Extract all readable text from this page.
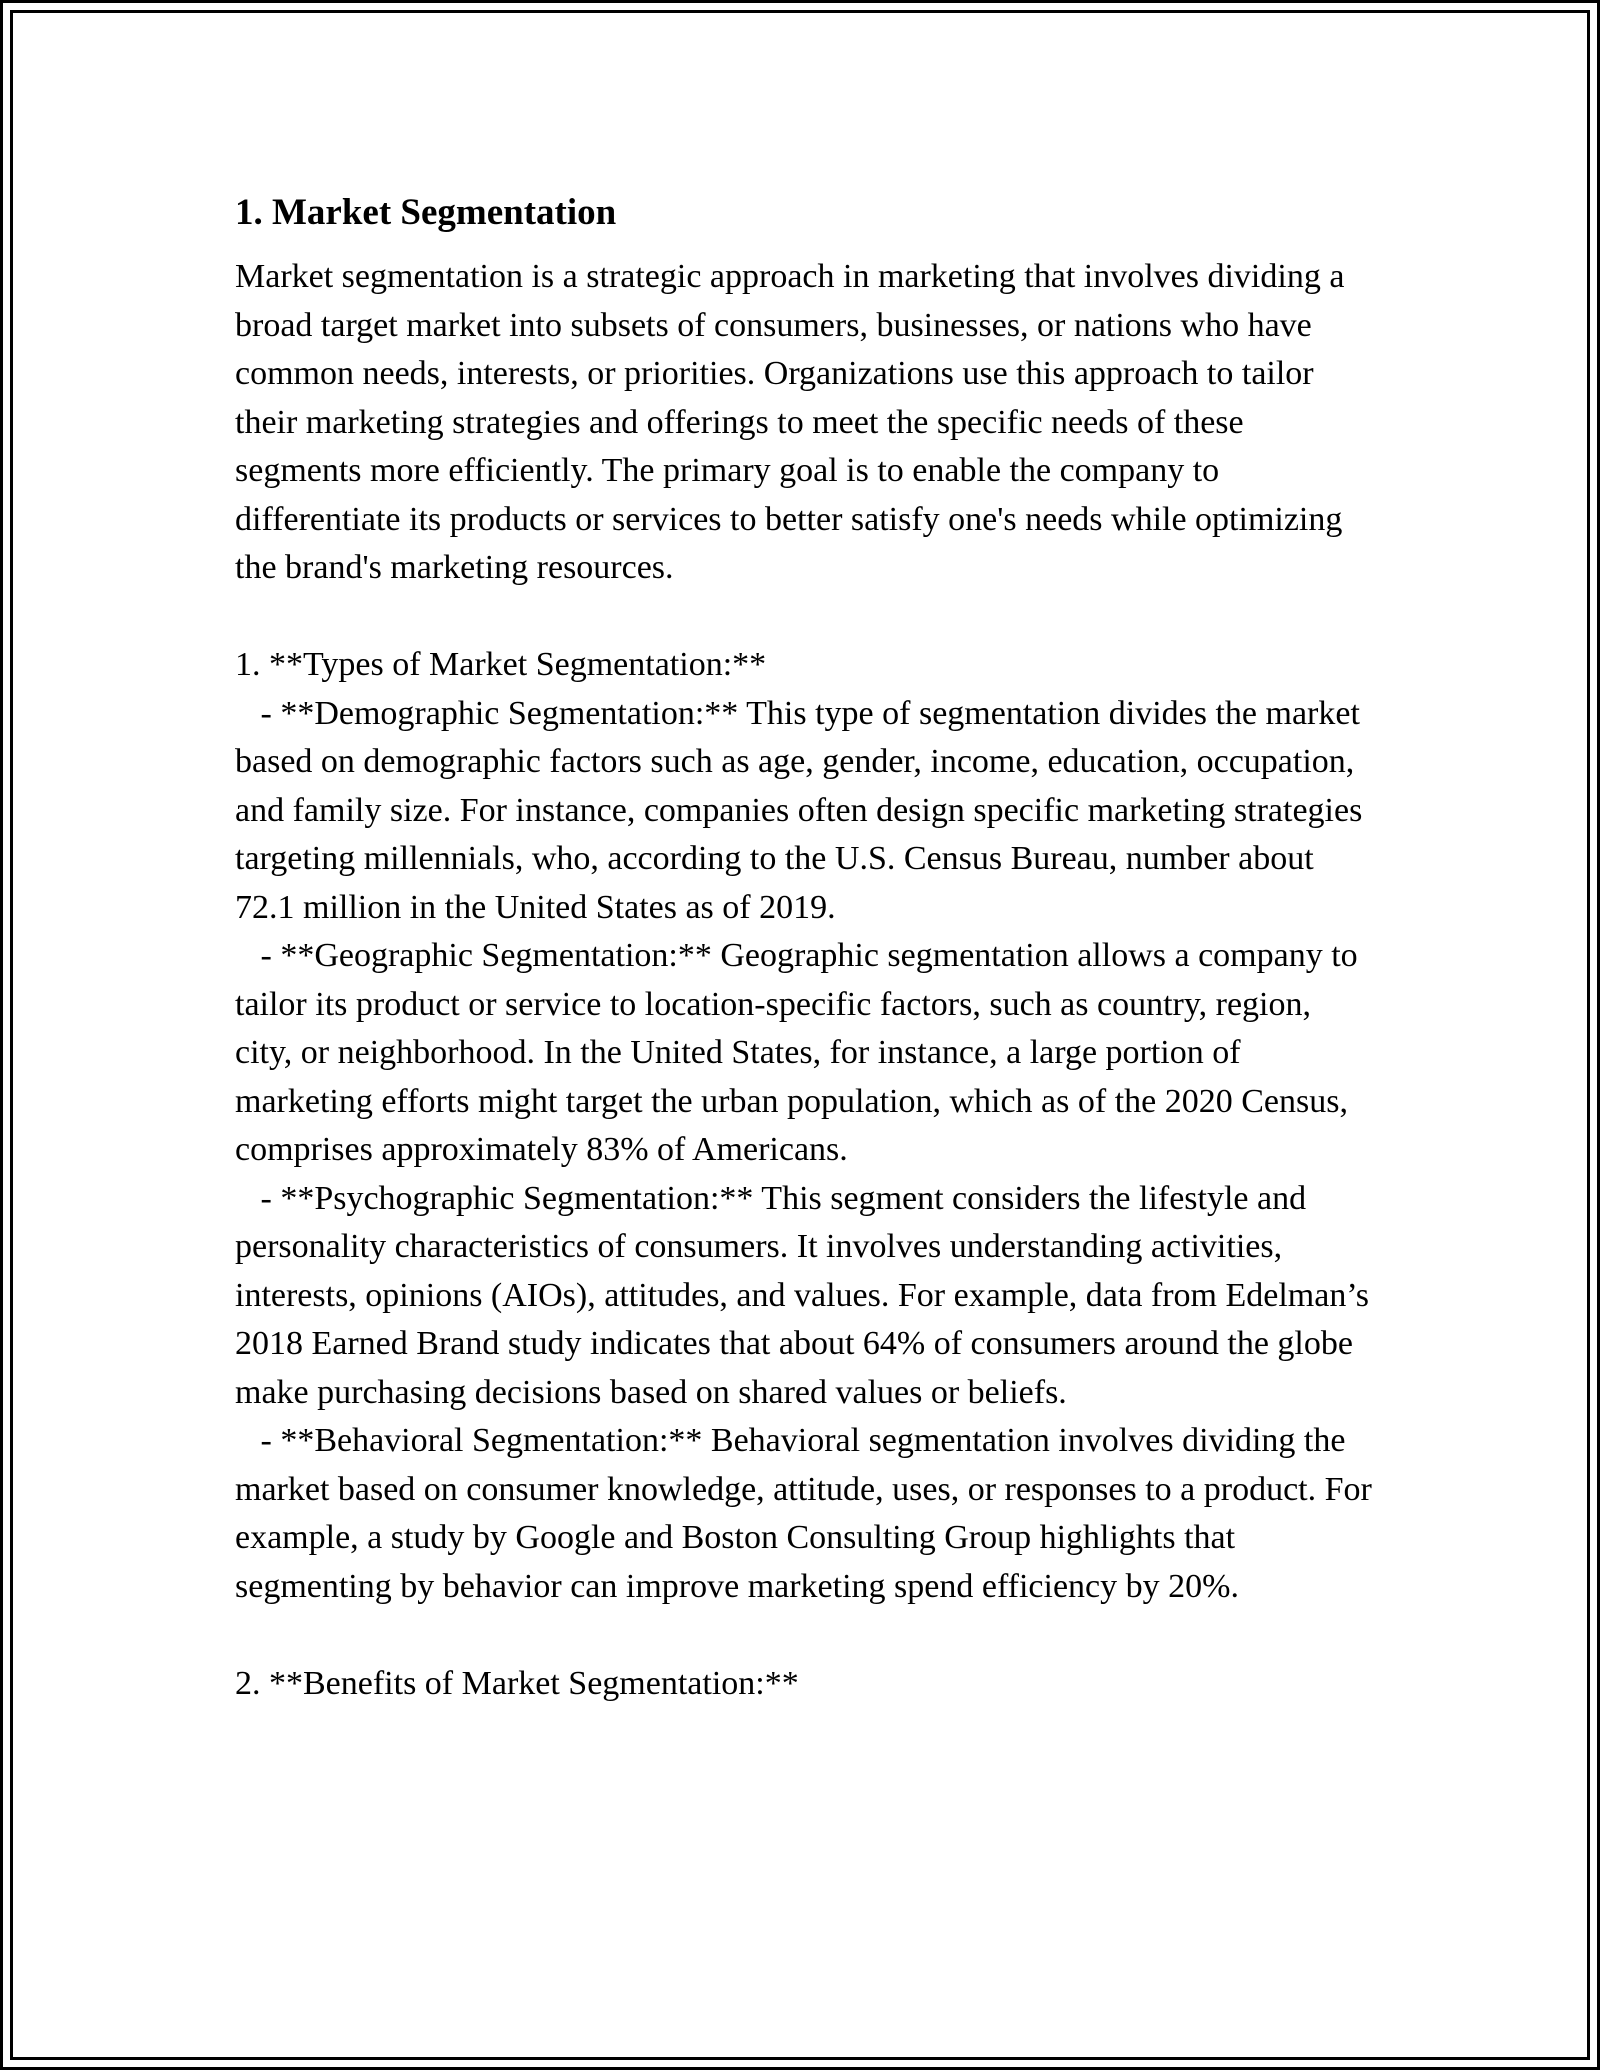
1. Market Segmentation

Market segmentation is a strategic approach in marketing that involves dividing a broad target market into subsets of consumers, businesses, or nations who have common needs, interests, or priorities. Organizations use this approach to tailor their marketing strategies and offerings to meet the specific needs of these segments more efficiently. The primary goal is to enable the company to differentiate its products or services to better satisfy one's needs while optimizing the brand's marketing resources.

1. **Types of Market Segmentation:**

- **Demographic Segmentation:** This type of segmentation divides the market based on demographic factors such as age, gender, income, education, occupation, and family size. For instance, companies often design specific marketing strategies targeting millennials, who, according to the U.S. Census Bureau, number about 72.1 million in the United States as of 2019.

- **Geographic Segmentation:** Geographic segmentation allows a company to tailor its product or service to location-specific factors, such as country, region, city, or neighborhood. In the United States, for instance, a large portion of marketing efforts might target the urban population, which as of the 2020 Census, comprises approximately 83% of Americans.

- **Psychographic Segmentation:** This segment considers the lifestyle and personality characteristics of consumers. It involves understanding activities, interests, opinions (AIOs), attitudes, and values. For example, data from Edelman’s 2018 Earned Brand study indicates that about 64% of consumers around the globe make purchasing decisions based on shared values or beliefs.

- **Behavioral Segmentation:** Behavioral segmentation involves dividing the market based on consumer knowledge, attitude, uses, or responses to a product. For example, a study by Google and Boston Consulting Group highlights that segmenting by behavior can improve marketing spend efficiency by 20%.

2. **Benefits of Market Segmentation:**
